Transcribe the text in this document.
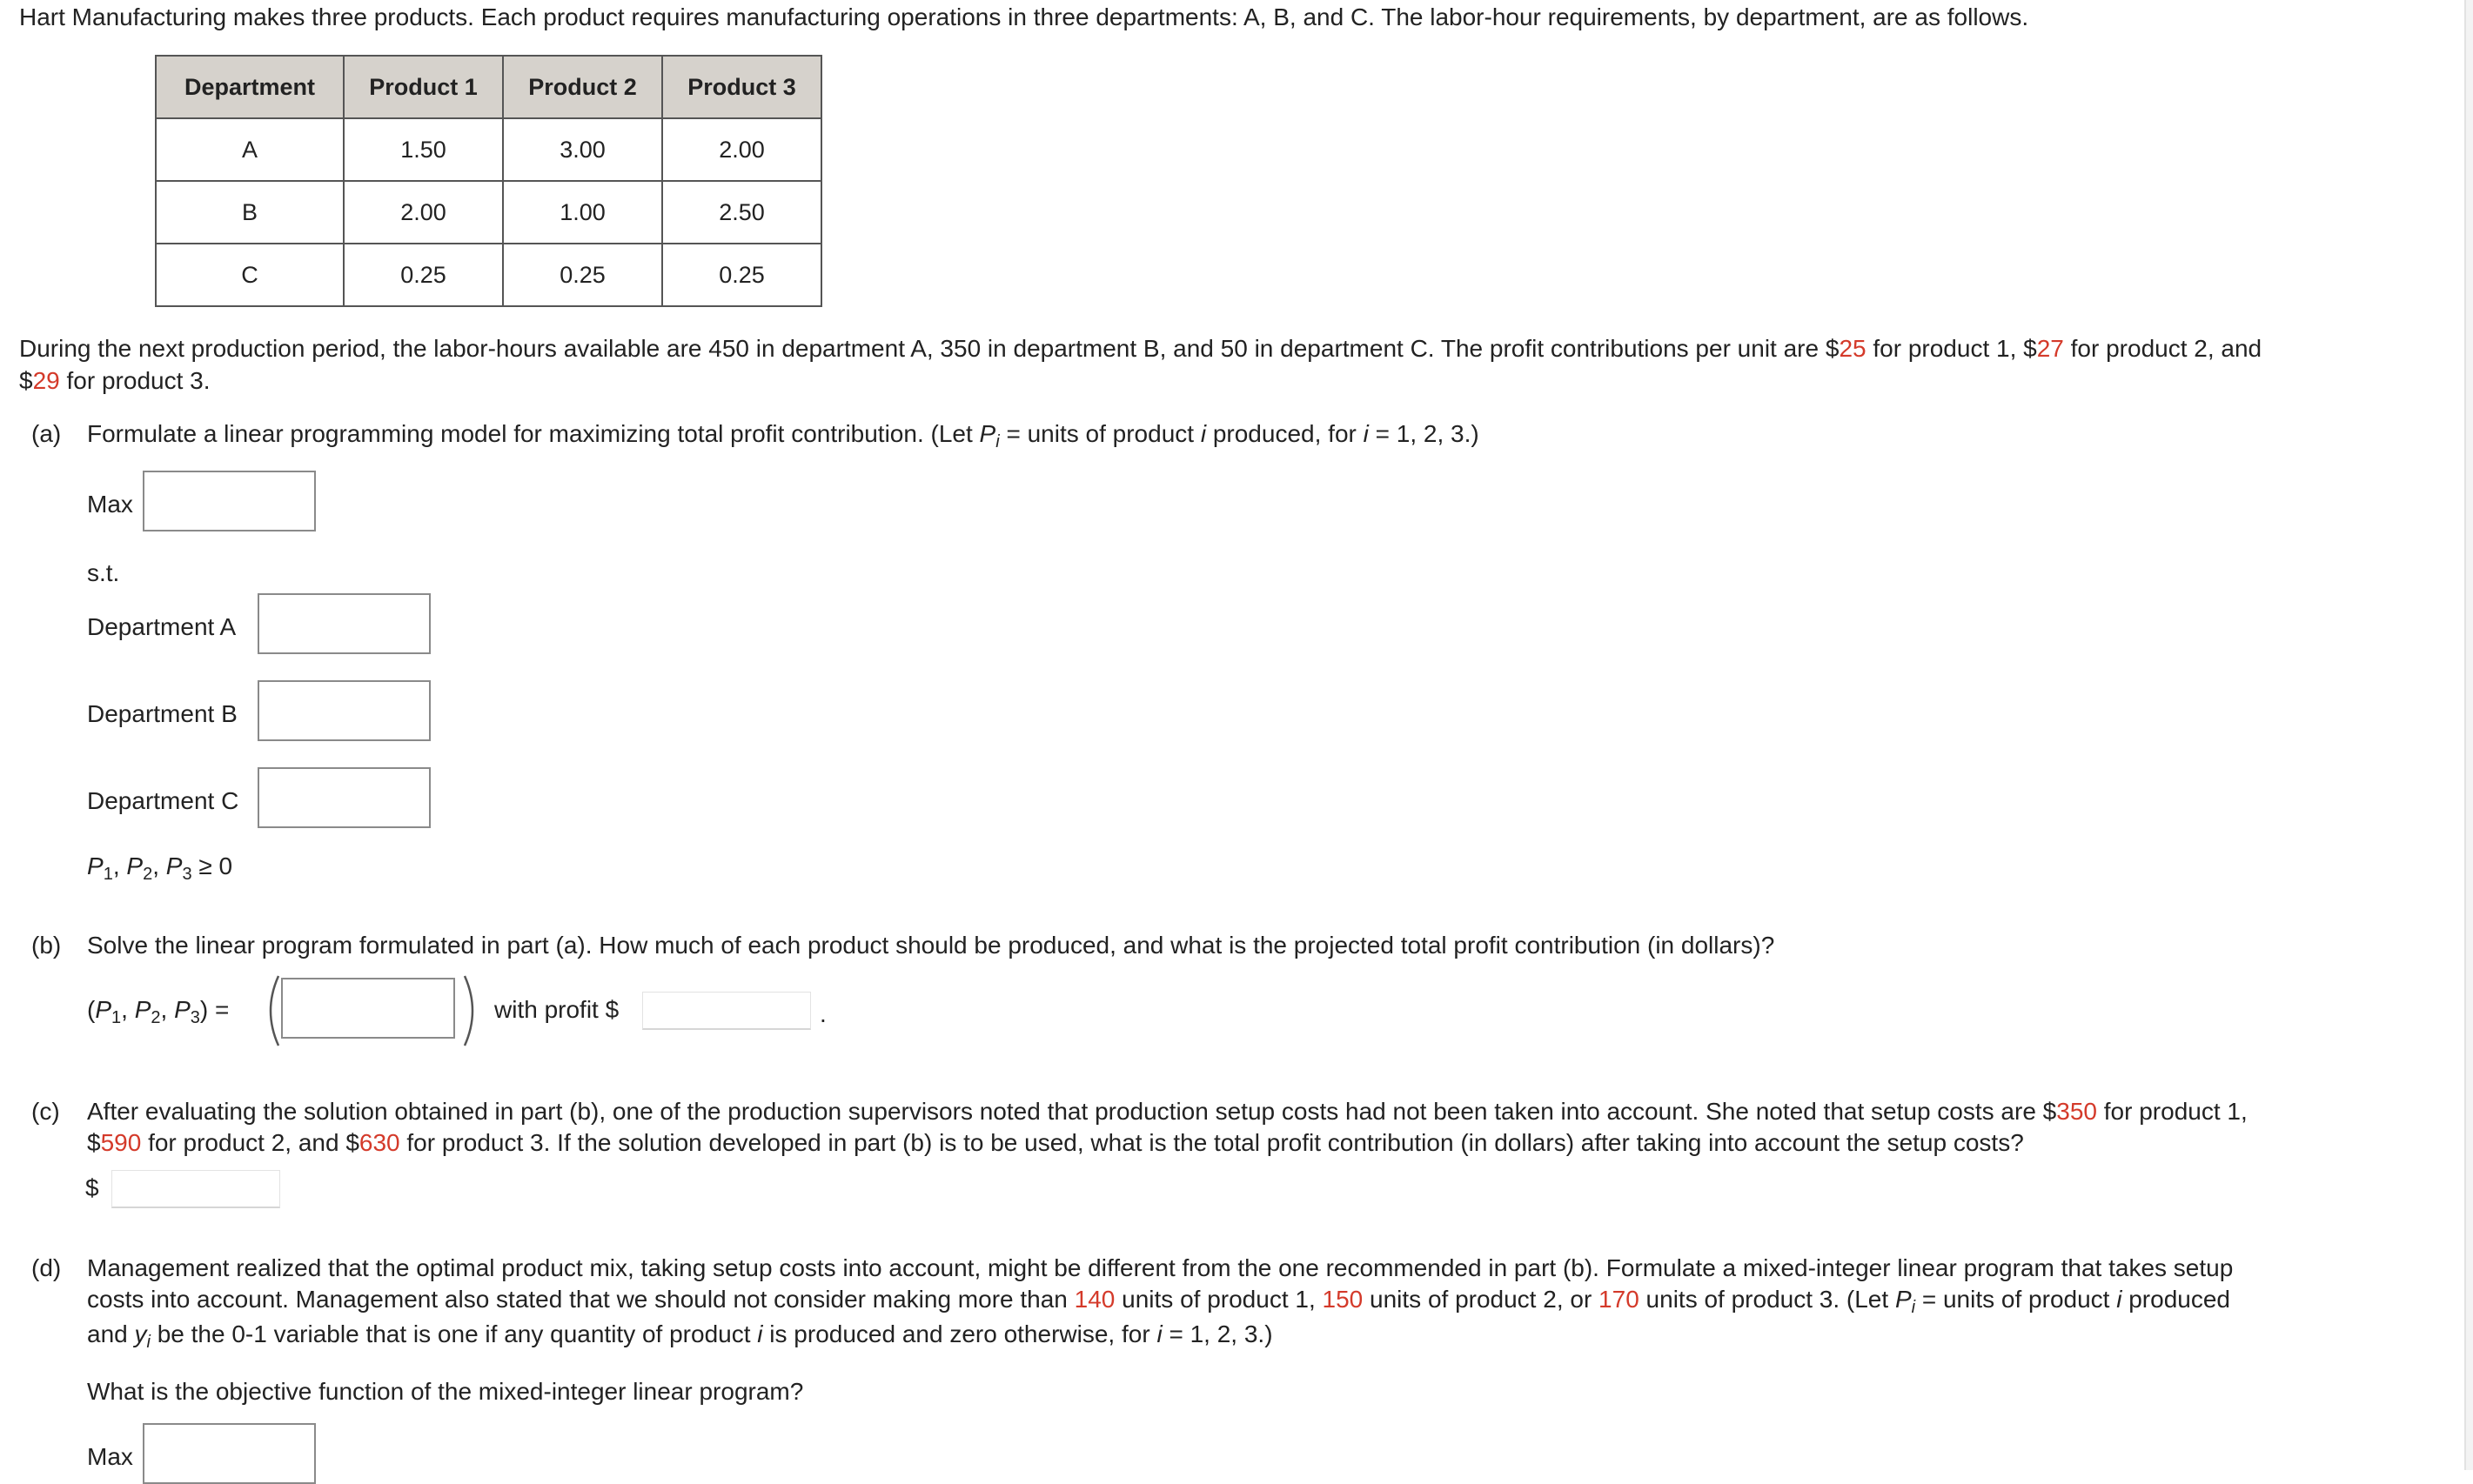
Hart Manufacturing makes three products. Each product requires manufacturing operations in three departments: A, B, and C. The labor-hour requirements, by department, are as follows.
Department	Product 1	Product 2	Product 3
A	1.50	3.00	2.00
B	2.00	1.00	2.50
C	0.25	0.25	0.25
During the next production period, the labor-hours available are 450 in department A, 350 in department B, and 50 in department C. The profit contributions per unit are $25 for product 1, $27 for product 2, and
$29 for product 3.
(a) Formulate a linear programming model for maximizing total profit contribution. (Let $P_i$ = units of product i produced, for i = 1, 2, 3.)
Max
s.t.
Department A
Department B
Department C
$P_1$, $P_2$, $P_3 \ge 0$
(b) Solve the linear program formulated in part (a). How much of each product should be produced, and what is the projected total profit contribution (in dollars)?
($P_1$, $P_2$, $P_3$) =	with profit $	.
(c) After evaluating the solution obtained in part (b), one of the production supervisors noted that production setup costs had not been taken into account. She noted that setup costs are $350 for product 1,
$590 for product 2, and $630 for product 3. If the solution developed in part (b) is to be used, what is the total profit contribution (in dollars) after taking into account the setup costs?
$
(d) Management realized that the optimal product mix, taking setup costs into account, might be different from the one recommended in part (b). Formulate a mixed-integer linear program that takes setup
costs into account. Management also stated that we should not consider making more than 140 units of product 1, 150 units of product 2, or 170 units of product 3. (Let $P_i$ = units of product i produced
and $y_i$ be the 0-1 variable that is one if any quantity of product i is produced and zero otherwise, for i = 1, 2, 3.)
What is the objective function of the mixed-integer linear program?
Max
